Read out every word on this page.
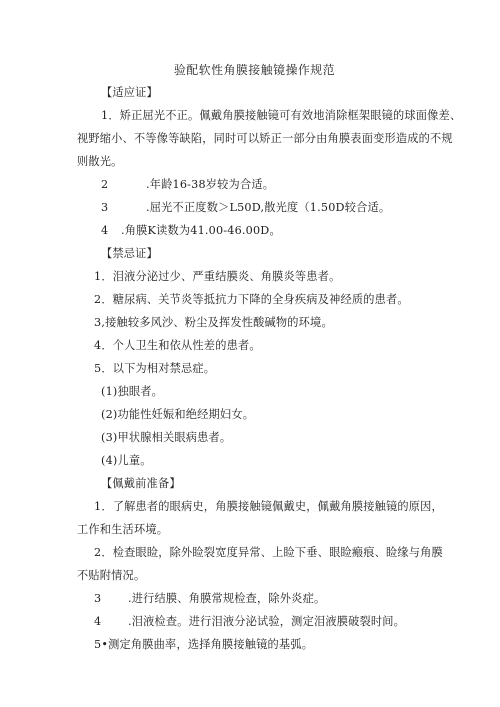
验配软性角膜接触镜操作规范
【适应证】
1．矫正屈光不正。佩戴角膜接触镜可有效地消除框架眼镜的球面像差、
视野缩小、不等像等缺陷，同时可以矫正一部分由角膜表面变形造成的不规
则散光。
2	.年龄16-38岁较为合适。
3	.屈光不正度数＞L50D,散光度（1.50D较合适。
4 .角膜K读数为41.00-46.00D。
【禁忌证】
1．泪液分泌过少、严重结膜炎、角膜炎等患者。
2．糖尿病、关节炎等抵抗力下降的全身疾病及神经质的患者。
3,接触较多风沙、粉尘及挥发性酸碱物的环境。
4．个人卫生和依从性差的患者。
5．以下为相对禁忌症。
(1)独眼者。
(2)功能性妊娠和绝经期妇女。
(3)甲状腺相关眼病患者。
(4)儿童。
【佩戴前准备】
1．了解患者的眼病史，角膜接触镜佩戴史，佩戴角膜接触镜的原因，
工作和生活环境。
2．检查眼睑，除外睑裂宽度异常、上睑下垂、眼睑瘢痕、睑缘与角膜
不贴附情况。
3 .进行结膜、角膜常规检查，除外炎症。
4 .泪液检查。进行泪液分泌试验，测定泪液膜破裂时间。
5•测定角膜曲率，选择角膜接触镜的基弧。
